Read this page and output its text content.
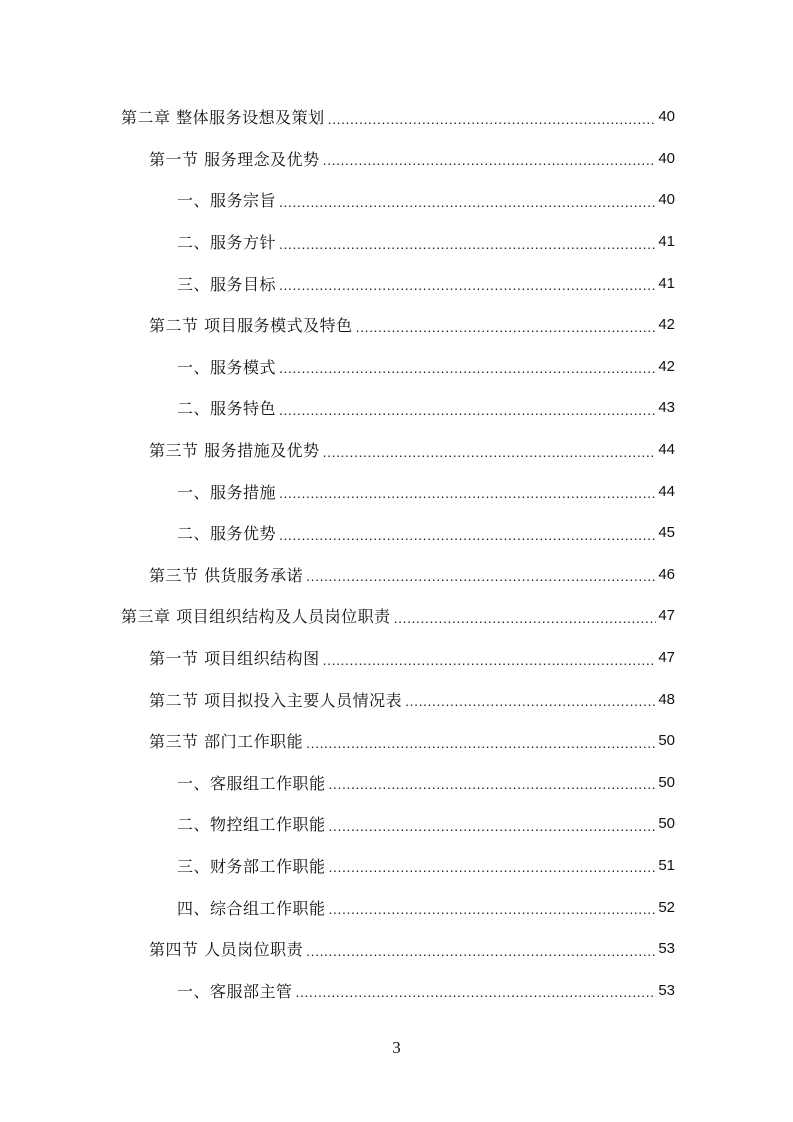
第二章 整体服务设想及策划 .....	40
第一节 服务理念及优势 .....	40
一、服务宗旨 .....	40
二、服务方针 .....	41
三、服务目标 .....	41
第二节 项目服务模式及特色 .....	42
一、服务模式 .....	42
二、服务特色 .....	43
第三节 服务措施及优势 .....	44
一、服务措施 .....	44
二、服务优势 .....	45
第三节 供货服务承诺 .....	46
第三章 项目组织结构及人员岗位职责 .....	47
第一节 项目组织结构图 .....	47
第二节 项目拟投入主要人员情况表 .....	48
第三节 部门工作职能 .....	50
一、客服组工作职能 .....	50
二、物控组工作职能 .....	50
三、财务部工作职能 .....	51
四、综合组工作职能 .....	52
第四节 人员岗位职责 .....	53
一、客服部主管 .....	53
3
